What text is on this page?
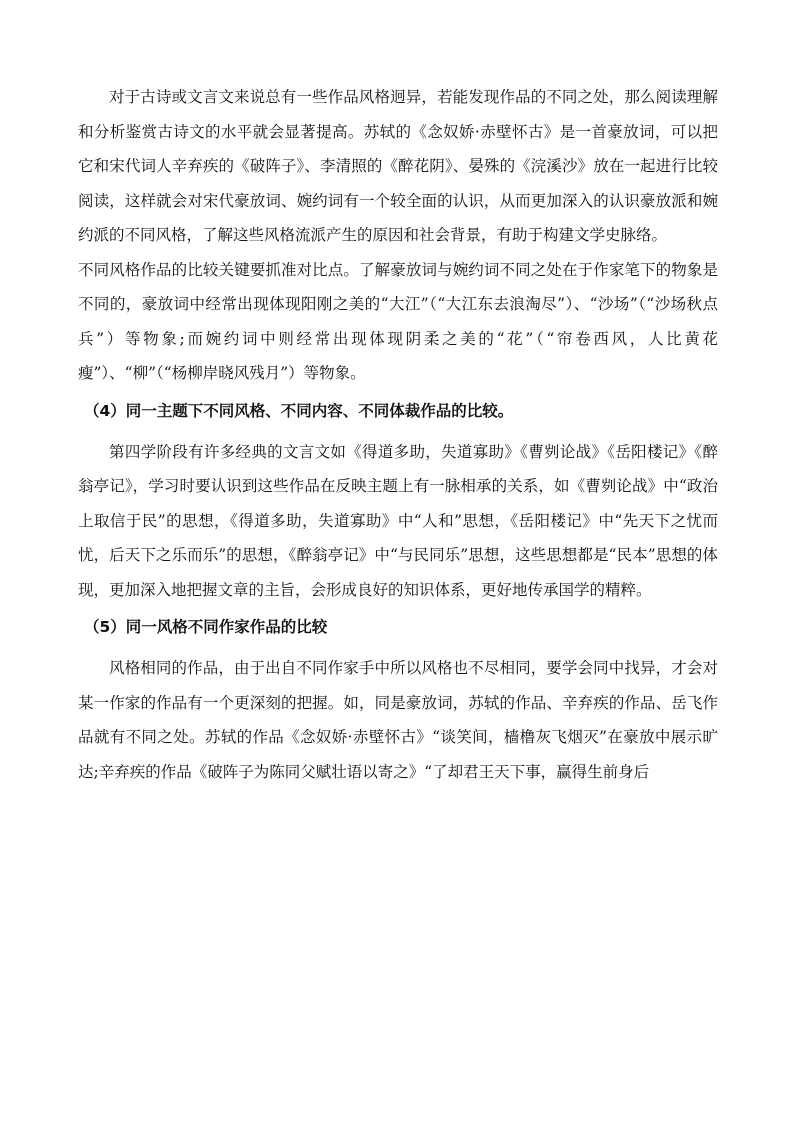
对于古诗或文言文来说总有一些作品风格迥异，若能发现作品的不同之处，那么阅读理解和分析鉴赏古诗文的水平就会显著提高。苏轼的《念奴娇·赤壁怀古》是一首豪放词，可以把它和宋代词人辛弃疾的《破阵子》、李清照的《醉花阴》、晏殊的《浣溪沙》放在一起进行比较阅读，这样就会对宋代豪放词、婉约词有一个较全面的认识，从而更加深入的认识豪放派和婉约派的不同风格，了解这些风格流派产生的原因和社会背景，有助于构建文学史脉络。

不同风格作品的比较关键要抓准对比点。了解豪放词与婉约词不同之处在于作家笔下的物象是不同的，豪放词中经常出现体现阳刚之美的“大江”（“大江东去浪淘尽”）、“沙场”（“沙场秋点兵”）等物象;而婉约词中则经常出现体现阴柔之美的“花”（“帘卷西风，人比黄花瘦”）、“柳”（“杨柳岸晓风残月”）等物象。

（4）同一主题下不同风格、不同内容、不同体裁作品的比较。

第四学阶段有许多经典的文言文如《得道多助，失道寡助》《曹刿论战》《岳阳楼记》《醉翁亭记》，学习时要认识到这些作品在反映主题上有一脉相承的关系，如《曹刿论战》中“政治上取信于民”的思想，《得道多助，失道寡助》中“人和”思想，《岳阳楼记》中“先天下之忧而忧，后天下之乐而乐”的思想，《醉翁亭记》中“与民同乐”思想，这些思想都是“民本”思想的体现，更加深入地把握文章的主旨，会形成良好的知识体系，更好地传承国学的精粹。

（5）同一风格不同作家作品的比较

风格相同的作品，由于出自不同作家手中所以风格也不尽相同，要学会同中找异，才会对某一作家的作品有一个更深刻的把握。如，同是豪放词，苏轼的作品、辛弃疾的作品、岳飞作品就有不同之处。苏轼的作品《念奴娇·赤壁怀古》“谈笑间，樯橹灰飞烟灭”在豪放中展示旷达;辛弃疾的作品《破阵子为陈同父赋壮语以寄之》“了却君王天下事，赢得生前身后
